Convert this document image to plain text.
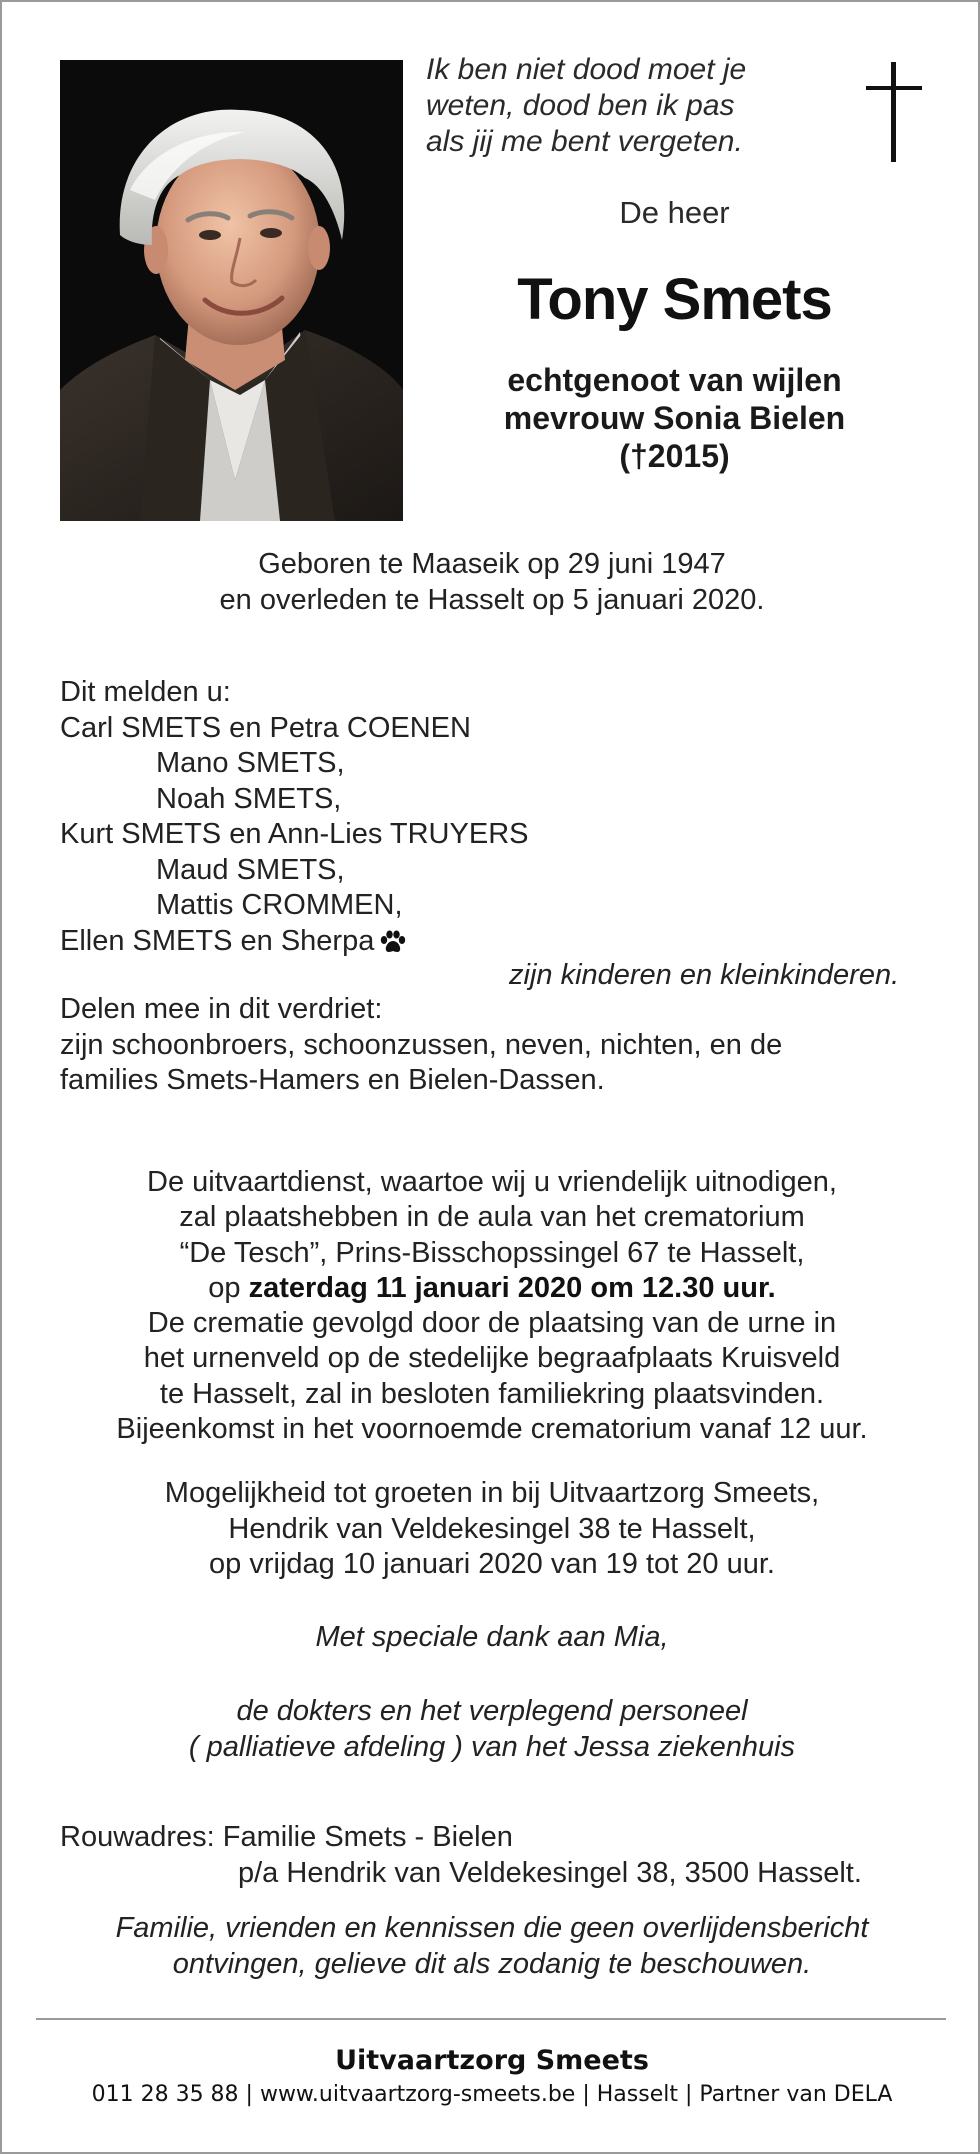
Ik ben niet dood moet je
weten, dood ben ik pas
als jij me bent vergeten.
De heer
Tony Smets
echtgenoot van wijlen
mevrouw Sonia Bielen
(†2015)
Geboren te Maaseik op 29 juni 1947
en overleden te Hasselt op 5 januari 2020.
Dit melden u:
Carl SMETS en Petra COENEN
Mano SMETS,
Noah SMETS,
Kurt SMETS en Ann-Lies TRUYERS
Maud SMETS,
Mattis CROMMEN,
Ellen SMETS en Sherpa
zijn kinderen en kleinkinderen.
Delen mee in dit verdriet:
zijn schoonbroers, schoonzussen, neven, nichten, en de
families Smets-Hamers en Bielen-Dassen.
De uitvaartdienst, waartoe wij u vriendelijk uitnodigen,
zal plaatshebben in de aula van het crematorium
“De Tesch”, Prins-Bisschopssingel 67 te Hasselt,
op zaterdag 11 januari 2020 om 12.30 uur.
De crematie gevolgd door de plaatsing van de urne in
het urnenveld op de stedelijke begraafplaats Kruisveld
te Hasselt, zal in besloten familiekring plaatsvinden.
Bijeenkomst in het voornoemde crematorium vanaf 12 uur.
Mogelijkheid tot groeten in bij Uitvaartzorg Smeets,
Hendrik van Veldekesingel 38 te Hasselt,
op vrijdag 10 januari 2020 van 19 tot 20 uur.
Met speciale dank aan Mia,
de dokters en het verplegend personeel
( palliatieve afdeling ) van het Jessa ziekenhuis
Rouwadres: Familie Smets - Bielen
p/a Hendrik van Veldekesingel 38, 3500 Hasselt.
Familie, vrienden en kennissen die geen overlijdensbericht
ontvingen, gelieve dit als zodanig te beschouwen.
Uitvaartzorg Smeets
011 28 35 88 | www.uitvaartzorg-smeets.be | Hasselt | Partner van DELA
